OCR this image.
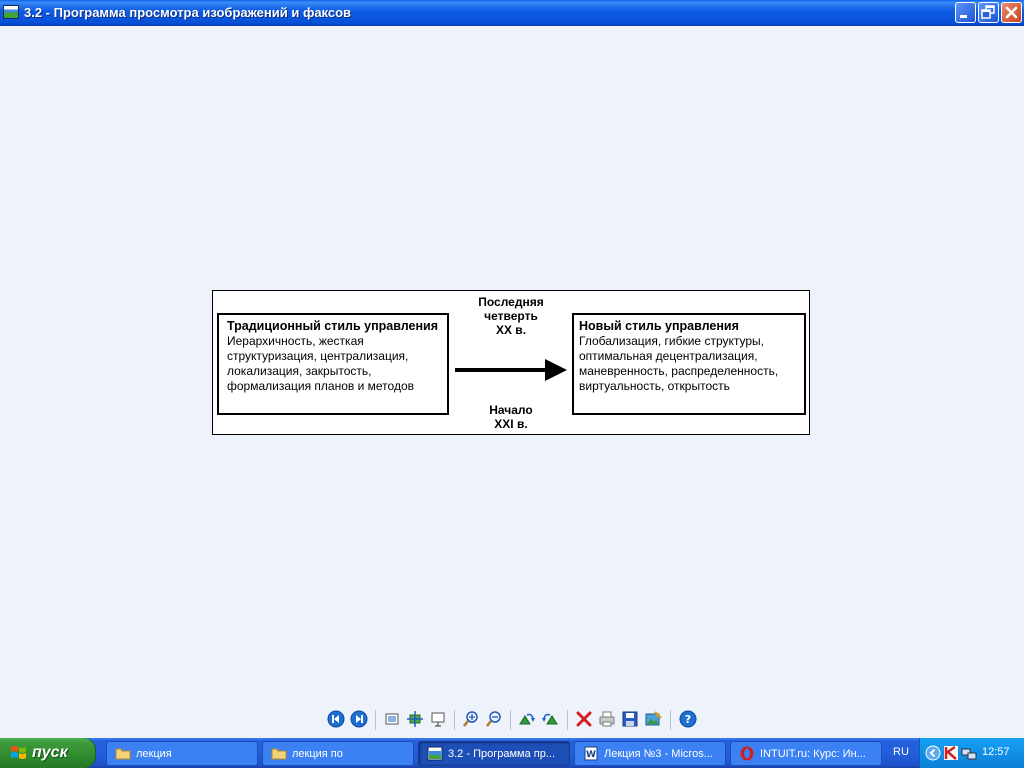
3.2 - Программа просмотра изображений и факсов
Последняя
четверть
XX в.
Традиционный стиль управления
Иерархичность, жесткая
структуризация, централизация,
локализация, закрытость,
формализация планов и методов
Новый стиль управления
Глобализация, гибкие структуры,
оптимальная децентрализация,
маневренность, распределенность,
виртуальность, открытость
Начало
XXI в.
?
пуск	лекция	лекция по	3.2 - Программа пр...	W Лекция №3 - Micros...	INTUIT.ru: Курс: Ин... RU	12:57
